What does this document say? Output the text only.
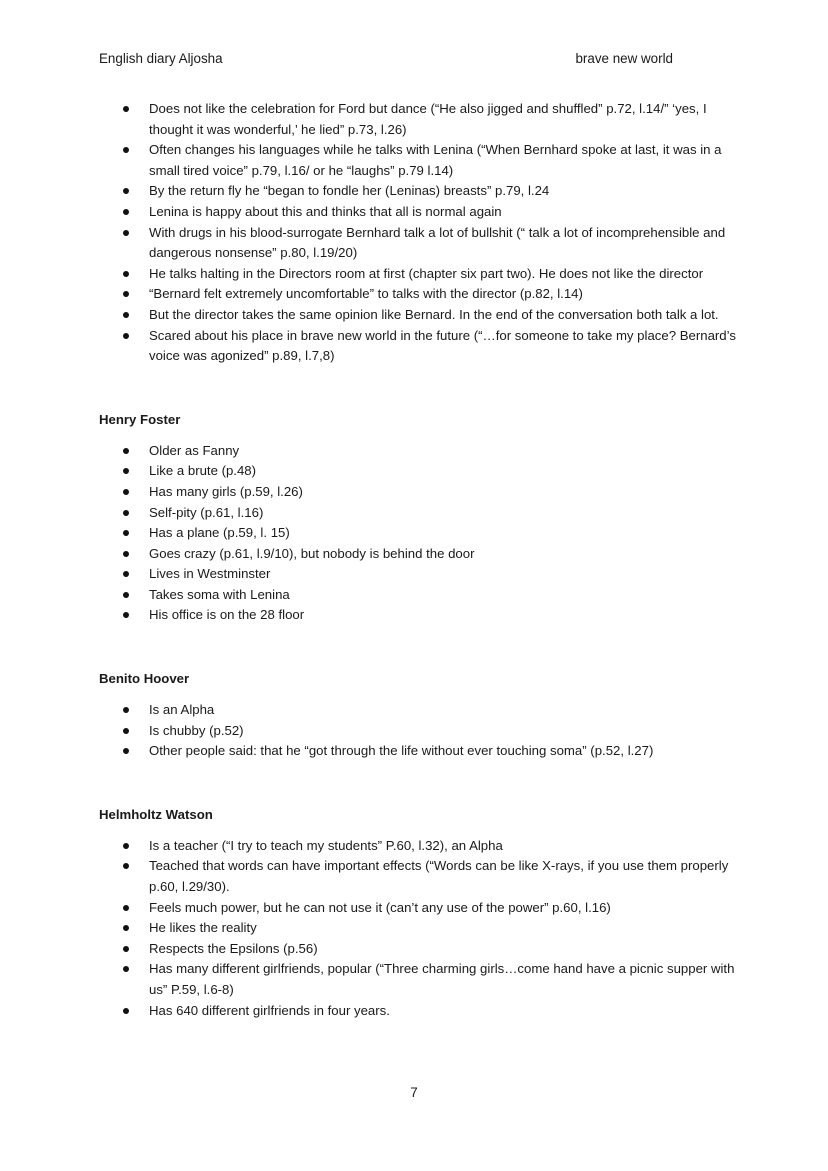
English diary Aljosha	brave new world
Does not like the celebration for Ford but dance (“He also jigged and shuffled” p.72, l.14/” ‘yes, I thought it was wonderful,’ he lied” p.73, l.26)
Often changes his languages while he talks with Lenina (“When Bernhard spoke at last, it was in a small tired voice” p.79, l.16/ or he “laughs” p.79 l.14)
By the return fly he “began to fondle her (Leninas) breasts” p.79, l.24
Lenina is happy about this and thinks that all is normal again
With drugs in his blood-surrogate Bernhard talk a lot of bullshit (“ talk a lot of incomprehensible and dangerous nonsense” p.80, l.19/20)
He talks halting in the Directors room at first (chapter six part two). He does not like the director
“Bernard felt extremely uncomfortable” to talks with the director (p.82, l.14)
But the director takes the same opinion like Bernard. In the end of the conversation both talk a lot.
Scared about his place in brave new world in the future (“…for someone to take my place? Bernard’s voice was agonized” p.89, l.7,8)
Henry Foster
Older as Fanny
Like a brute (p.48)
Has many girls (p.59, l.26)
Self-pity (p.61, l.16)
Has a plane (p.59, l. 15)
Goes crazy (p.61, l.9/10), but nobody is behind the door
Lives in Westminster
Takes soma with Lenina
His office is on the 28 floor
Benito Hoover
Is an Alpha
Is chubby (p.52)
Other people said: that he “got through the life without ever touching soma” (p.52, l.27)
Helmholtz Watson
Is a teacher (“I try to teach my students” P.60, l.32), an Alpha
Teached that words can have important effects (“Words can be like X-rays, if you use them properly p.60, l.29/30).
Feels much power, but he can not use it (can’t any use of the power” p.60, l.16)
He likes the reality
Respects the Epsilons (p.56)
Has many different girlfriends, popular (“Three charming girls…come hand have a picnic supper with us” P.59, l.6-8)
Has 640 different girlfriends in four years.
7
